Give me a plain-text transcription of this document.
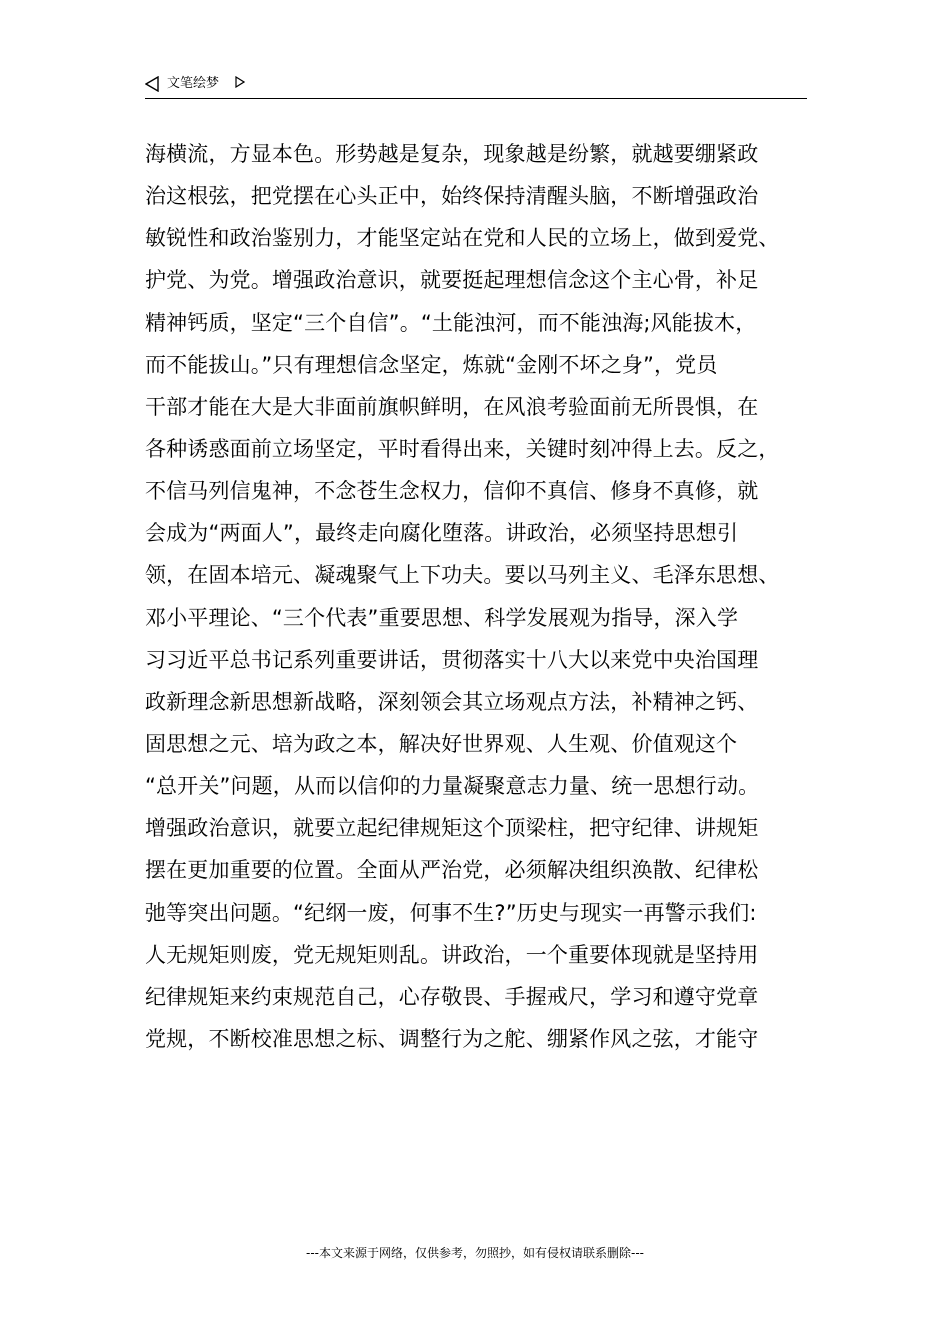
文笔绘梦
海横流，方显本色。形势越是复杂，现象越是纷繁，就越要绷紧政
治这根弦，把党摆在心头正中，始终保持清醒头脑，不断增强政治
敏锐性和政治鉴别力，才能坚定站在党和人民的立场上，做到爱党、
护党、为党。增强政治意识，就要挺起理想信念这个主心骨，补足
精神钙质，坚定“三个自信”。“土能浊河，而不能浊海;风能拔木，
而不能拔山。”只有理想信念坚定，炼就“金刚不坏之身”，党员
干部才能在大是大非面前旗帜鲜明，在风浪考验面前无所畏惧，在
各种诱惑面前立场坚定，平时看得出来，关键时刻冲得上去。反之，
不信马列信鬼神，不念苍生念权力，信仰不真信、修身不真修，就
会成为“两面人”，最终走向腐化堕落。讲政治，必须坚持思想引
领，在固本培元、凝魂聚气上下功夫。要以马列主义、毛泽东思想、
邓小平理论、“三个代表”重要思想、科学发展观为指导，深入学
习习近平总书记系列重要讲话，贯彻落实十八大以来党中央治国理
政新理念新思想新战略，深刻领会其立场观点方法，补精神之钙、
固思想之元、培为政之本，解决好世界观、人生观、价值观这个
“总开关”问题，从而以信仰的力量凝聚意志力量、统一思想行动。
增强政治意识，就要立起纪律规矩这个顶梁柱，把守纪律、讲规矩
摆在更加重要的位置。全面从严治党，必须解决组织涣散、纪律松
弛等突出问题。“纪纲一废，何事不生?”历史与现实一再警示我们:
人无规矩则废，党无规矩则乱。讲政治，一个重要体现就是坚持用
纪律规矩来约束规范自己，心存敬畏、手握戒尺，学习和遵守党章
党规，不断校准思想之标、调整行为之舵、绷紧作风之弦，才能守
---本文来源于网络，仅供参考，勿照抄，如有侵权请联系删除---
